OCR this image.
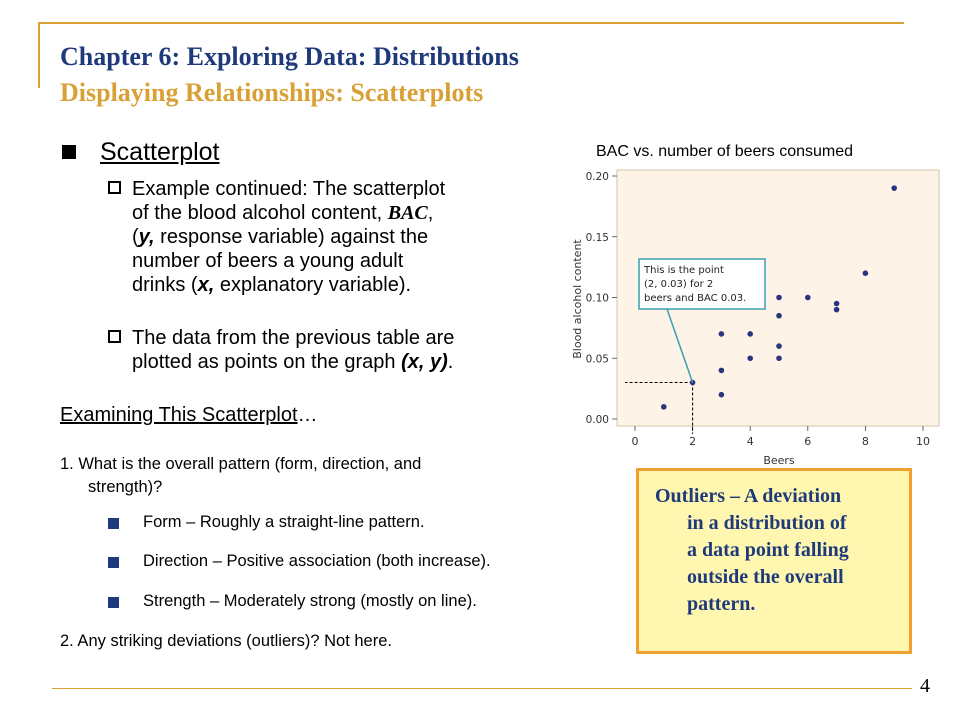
Chapter 6: Exploring Data: Distributions
Displaying Relationships: Scatterplots
Scatterplot
Example continued: The scatterplot
of the blood alcohol content, BAC,
(y, response variable) against the
number of beers a young adult
drinks (x, explanatory variable).
The data from the previous table are
plotted as points on the graph (x, y).
Examining This Scatterplot…
1. What is the overall pattern (form, direction, and
strength)?
Form – Roughly a straight-line pattern.
Direction – Positive association (both increase).
Strength – Moderately strong (mostly on line).
2. Any striking deviations (outliers)? Not here.
BAC vs. number of beers consumed
0	2	4	6	8	10
0.00
0.05
0.10
0.15
0.20
This is the point
(2, 0.03) for 2
beers and BAC 0.03.
Beers
Blood alcohol content
Outliers – A deviation
in a distribution of
a data point falling
outside the overall
pattern.
4
